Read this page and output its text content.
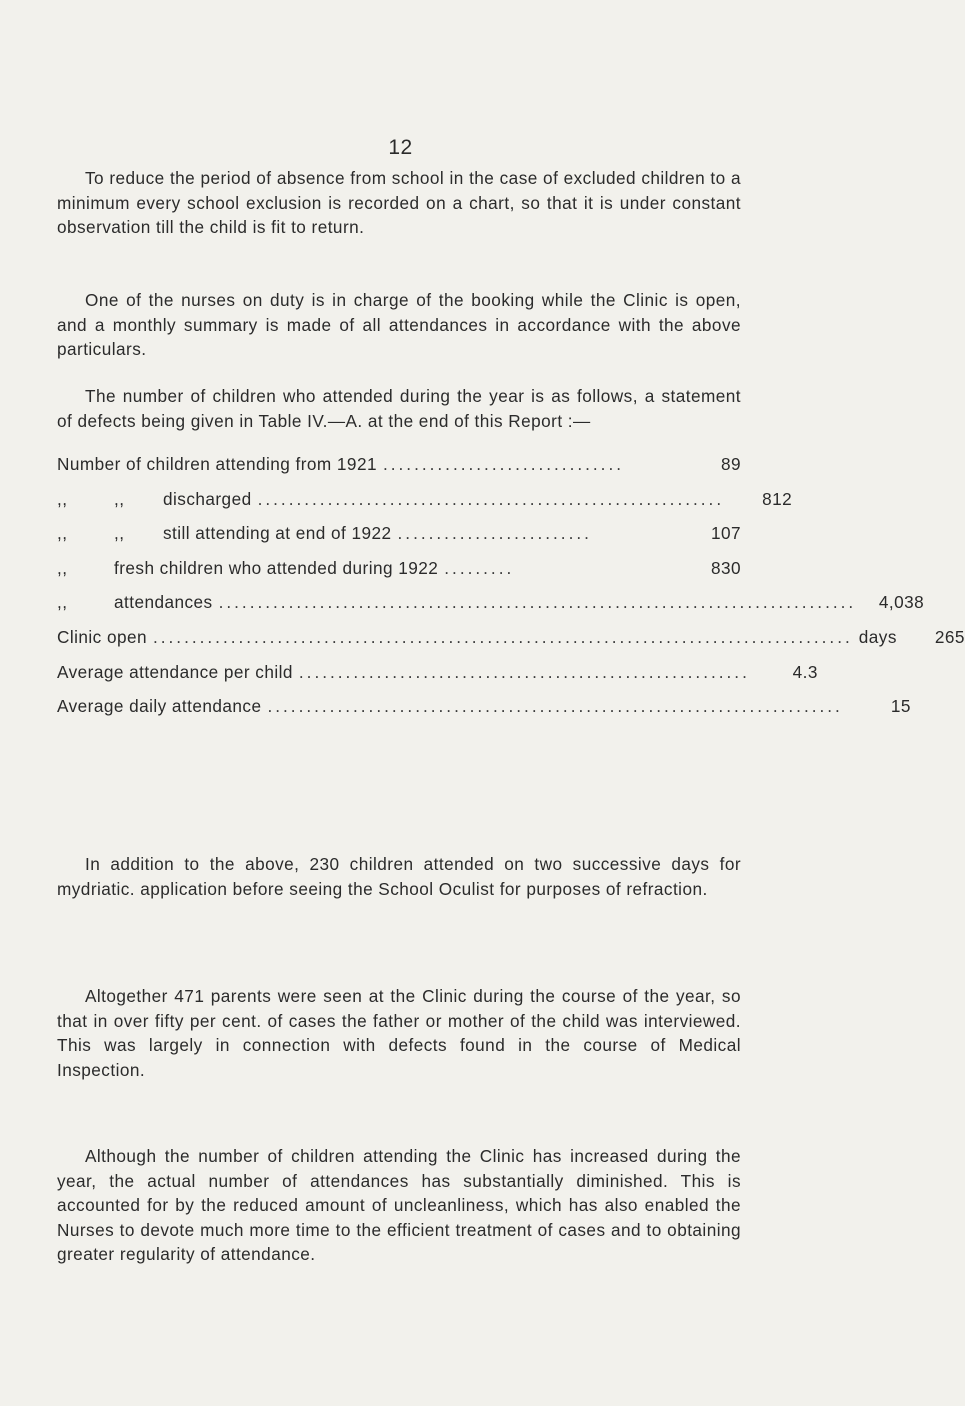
12

To reduce the period of absence from school in the case of excluded children to a minimum every school exclusion is recorded on a chart, so that it is under constant observation till the child is fit to return.

One of the nurses on duty is in charge of the booking while the Clinic is open, and a monthly summary is made of all attendances in accordance with the above particulars.

The number of children who attended during the year is as follows, a statement of defects being given in Table IV.—A. at the end of this Report :—

Number of children attending from 1921 ...............................	89
,,	,,	discharged ............................................................	812
,,	,,	still attending at end of 1922 .........................	107
,,	fresh children who attended during 1922 .........	830
,,	attendances ..................................................................................	4,038
Clinic open .......................................................................................... days	265
Average attendance per child ..........................................................	4.3
Average daily attendance ..........................................................................	15

In addition to the above, 230 children attended on two successive days for mydriatic. application before seeing the School Oculist for purposes of refraction.

Altogether 471 parents were seen at the Clinic during the course of the year, so that in over fifty per cent. of cases the father or mother of the child was interviewed. This was largely in connection with defects found in the course of Medical Inspection.

Although the number of children attending the Clinic has increased during the year, the actual number of attendances has substantially diminished. This is accounted for by the reduced amount of uncleanliness, which has also enabled the Nurses to devote much more time to the efficient treatment of cases and to obtaining greater regularity of attendance.
